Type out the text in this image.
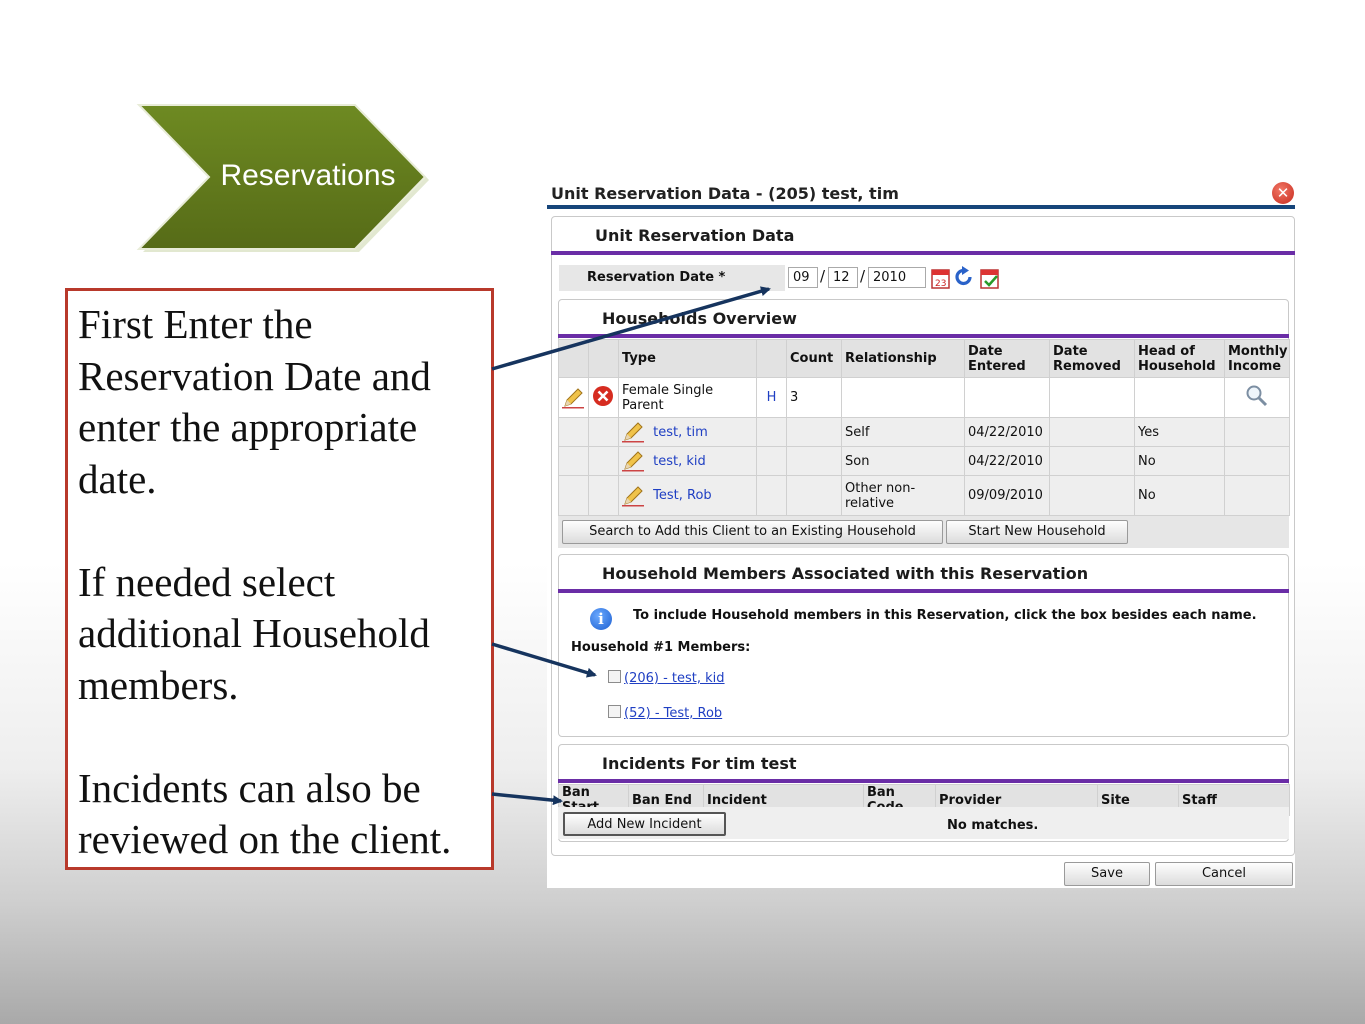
Reservations

First Enter the Reservation Date and enter the appropriate date.

If needed select additional Household members.

Incidents can also be reviewed on the client.

Unit Reservation Data - (205) test, tim	✕
Unit Reservation Data
Reservation Date *	09 / 12 / 2010	23
Households Overview
		Type		Count	Relationship	Date Entered	Date Removed	Head of Household	Monthly Income
		Female Single Parent	H	3					
		test, tim			Self	04/22/2010		Yes	
		test, kid			Son	04/22/2010		No	
		Test, Rob			Other non-relative	09/09/2010		No	
Search to Add this Client to an Existing Household	Start New Household
Household Members Associated with this Reservation
i	To include Household members in this Reservation, click the box besides each name.
Household #1 Members:
(206) - test, kid
(52) - Test, Rob
Incidents For tim test
Ban	Ban End	Incident	Ban	Provider	Site	Staff
Add New Incident	No matches.
Save	Cancel
